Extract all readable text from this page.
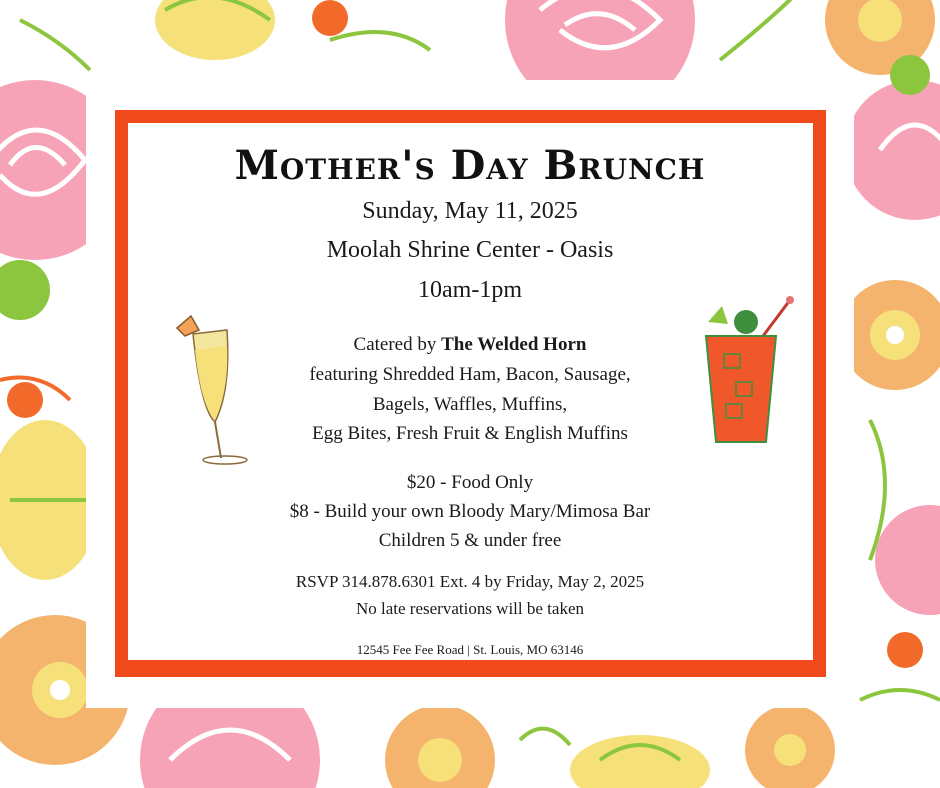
Mother's Day Brunch
Sunday, May 11, 2025
Moolah Shrine Center - Oasis
10am-1pm
Catered by The Welded Horn
featuring Shredded Ham, Bacon, Sausage,
Bagels, Waffles, Muffins,
Egg Bites, Fresh Fruit & English Muffins
$20 - Food Only
$8 - Build your own Bloody Mary/Mimosa Bar
Children 5 & under free
RSVP 314.878.6301 Ext. 4 by Friday, May 2, 2025
No late reservations will be taken
12545 Fee Fee Road | St. Louis, MO 63146
